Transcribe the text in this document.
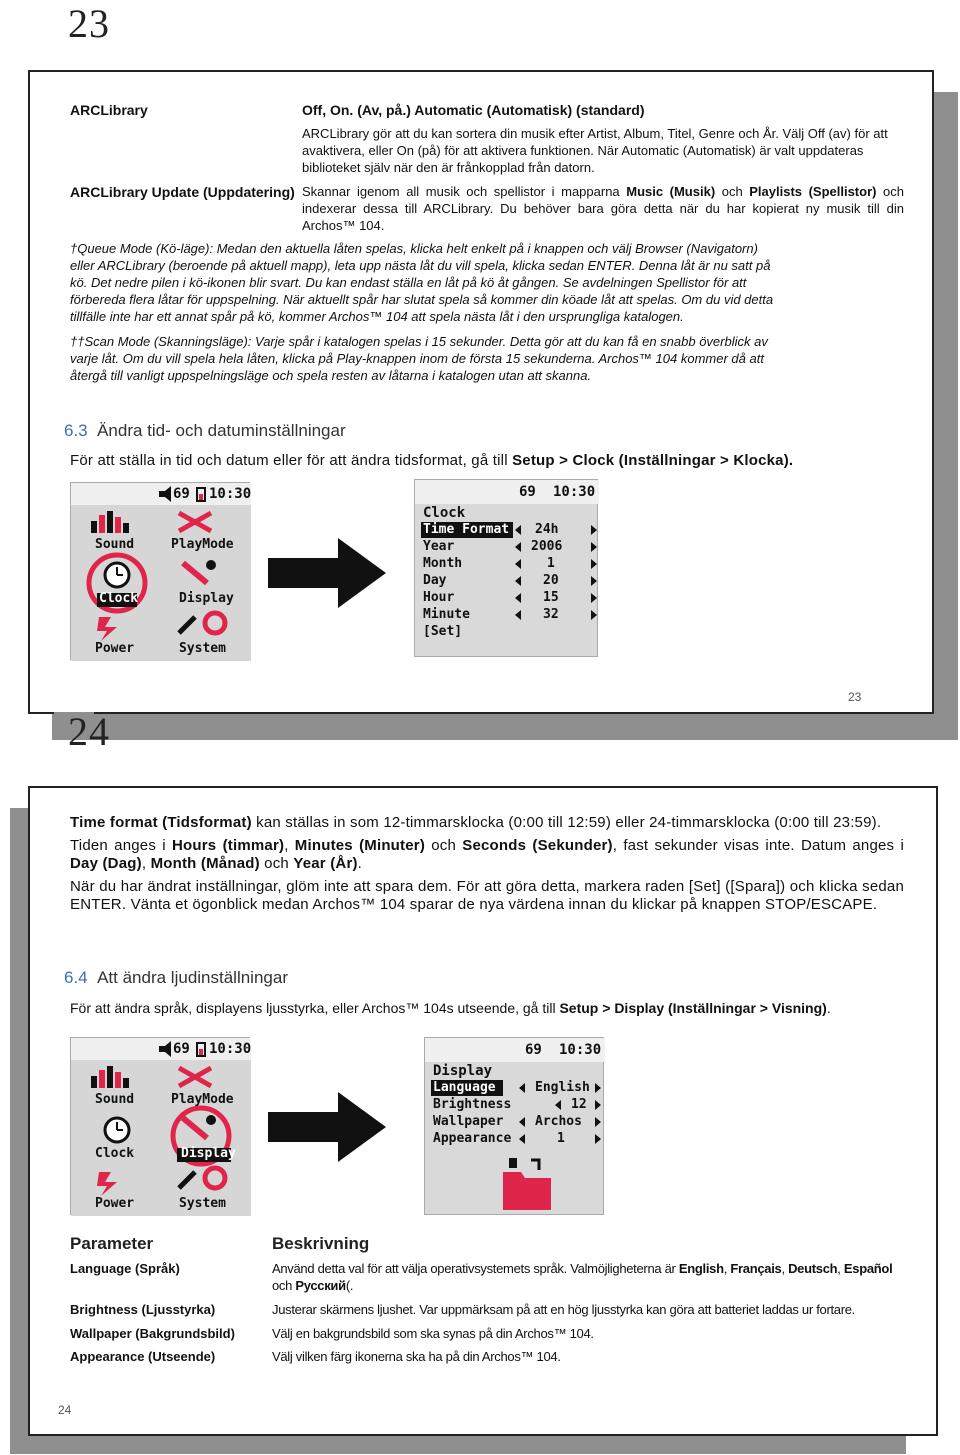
23
ARCLibrary	Off, On. (Av, på.) Automatic (Automatisk) (standard)
ARCLibrary gör att du kan sortera din musik efter Artist, Album, Titel, Genre och År. Välj Off (av) för att avaktivera, eller On (på) för att aktivera funktionen. När Automatic (Automatisk) är valt uppdateras biblioteket själv när den är frånkopplad från datorn.
ARCLibrary Update (Uppdatering) Skannar igenom all musik och spellistor i mapparna Music (Musik) och Playlists (Spellistor) och indexerar dessa till ARCLibrary. Du behöver bara göra detta när du har kopierat ny musik till din Archos™ 104.
†Queue Mode (Kö-läge): Medan den aktuella låten spelas, klicka helt enkelt på i knappen och välj Browser (Navigatorn) eller ARCLibrary (beroende på aktuell mapp), leta upp nästa låt du vill spela, klicka sedan ENTER. Denna låt är nu satt på kö. Det nedre pilen i kö-ikonen blir svart. Du kan endast ställa en låt på kö åt gången. Se avdelningen Spellistor för att förbereda flera låtar för uppspelning. När aktuellt spår har slutat spela så kommer din köade låt att spelas. Om du vid detta tillfälle inte har ett annat spår på kö, kommer Archos™ 104 att spela nästa låt i den ursprungliga katalogen.
††Scan Mode (Skanningsläge): Varje spår i katalogen spelas i 15 sekunder. Detta gör att du kan få en snabb överblick av varje låt. Om du vill spela hela låten, klicka på Play-knappen inom de första 15 sekunderna. Archos™ 104 kommer då att återgå till vanligt uppspelningsläge och spela resten av låtarna i katalogen utan att skanna.
6.3 Ändra tid- och datuminställningar
För att ställa in tid och datum eller för att ändra tidsformat, gå till Setup > Clock (Inställningar > Klocka).
69 10:30
Sound	PlayMode
Clock	Display
Power	System
69 10:30
Clock
Time Format 24h
Year	2006
Month	1
Day	20
Hour	15
Minute	32
[Set]
23
24
Time format (Tidsformat) kan ställas in som 12-timmarsklocka (0:00 till 12:59) eller 24-timmarsklocka (0:00 till 23:59).
Tiden anges i Hours (timmar), Minutes (Minuter) och Seconds (Sekunder), fast sekunder visas inte. Datum anges i Day (Dag), Month (Månad) och Year (År).
När du har ändrat inställningar, glöm inte att spara dem. För att göra detta, markera raden [Set] ([Spara]) och klicka sedan ENTER. Vänta et ögonblick medan Archos™ 104 sparar de nya värdena innan du klickar på knappen STOP/ESCAPE.
6.4 Att ändra ljudinställningar
För att ändra språk, displayens ljusstyrka, eller Archos™ 104s utseende, gå till Setup > Display (Inställningar > Visning).
69 10:30
Sound	PlayMode
Clock	Display
Power	System
69 10:30
Display
Language	English
Brightness	12
Wallpaper Archos
Appearance	1
Parameter	Beskrivning
Language (Språk)	Använd detta val för att välja operativsystemets språk. Valmöjligheterna är English, Français, Deutsch, Español och Pусский(.
Brightness (Ljusstyrka)	Justerar skärmens ljushet. Var uppmärksam på att en hög ljusstyrka kan göra att batteriet laddas ur fortare.
Wallpaper (Bakgrundsbild)	Välj en bakgrundsbild som ska synas på din Archos™ 104.
Appearance (Utseende)	Välj vilken färg ikonerna ska ha på din Archos™ 104.
24
